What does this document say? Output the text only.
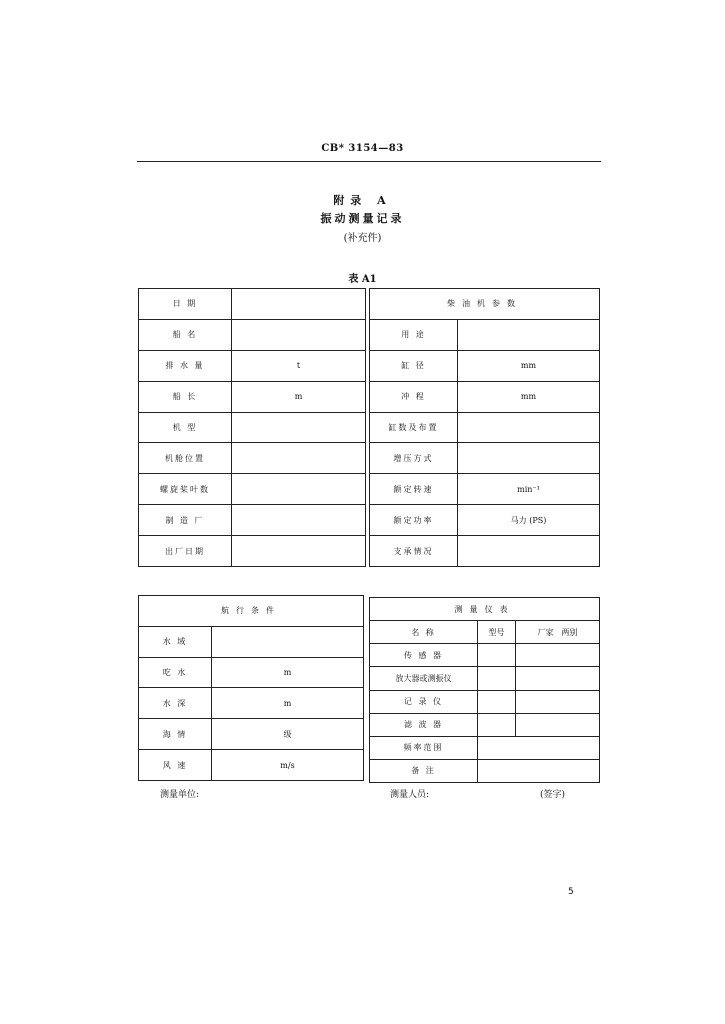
CB* 3154—83
附录 A
振动测量记录
(补充件)
表 A1
日 期	
船 名	
排 水 量	t
船 长	m
机 型	
机舱位置	
螺旋桨叶数	
制 造 厂	
出厂日期	
柴油机参数	
用 途	
缸 径	mm
冲 程	mm
缸数及布置	
增压方式	
额定转速	min⁻¹
额定功率	马力 (PS)
支承情况	
航行条件	
水 域	
吃 水	m
水 深	m
海 情	级
风 速	m/s
测量仪表		
名 称	型号	厂家 两别
传 感 器		
放大器或测振仪		
记 录 仪		
滤 波 器		
频率范围		
备 注		
测量单位:	测量人员:	(签字)
5
